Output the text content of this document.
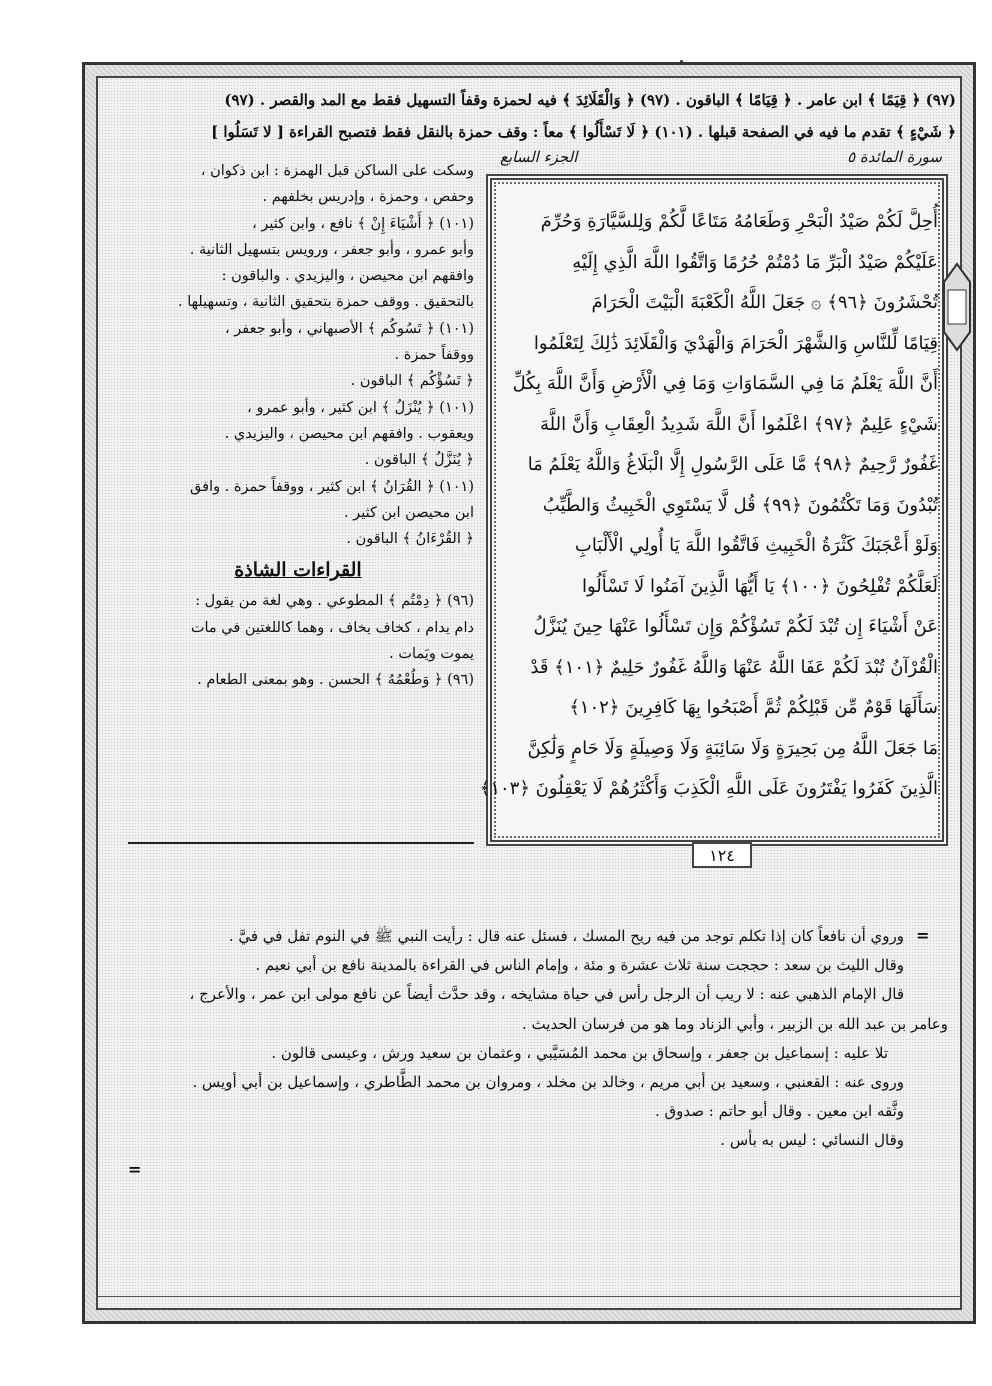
(٩٧) ﴿ قِيَمًا ﴾ ابن عامر . ﴿ قِيَامًا ﴾ الباقون . (٩٧) ﴿ وَالْقَلَائِدَ ﴾ فيه لحمزة وقفاً التسهيل فقط مع المد والقصر . (٩٧)
﴿ شَيْءٍ ﴾ تقدم ما فيه في الصفحة قبلها . (١٠١) ﴿ لَا تَسْأَلُوا ﴾ معاً : وقف حمزة بالنقل فقط فتصبح القراءة [ لا تَسَلُوا ]
الجزء السابع	سورة المائدة ٥
أُحِلَّ لَكُمْ صَيْدُ الْبَحْرِ وَطَعَامُهُ مَتَاعًا لَّكُمْ وَلِلسَّيَّارَةِ وَحُرِّمَ
عَلَيْكُمْ صَيْدُ الْبَرِّ مَا دُمْتُمْ حُرُمًا وَاتَّقُوا اللَّهَ الَّذِي إِلَيْهِ
تُحْشَرُونَ ﴿٩٦﴾ ۞ جَعَلَ اللَّهُ الْكَعْبَةَ الْبَيْتَ الْحَرَامَ
قِيَامًا لِّلنَّاسِ وَالشَّهْرَ الْحَرَامَ وَالْهَدْيَ وَالْقَلَائِدَ ذَٰلِكَ لِتَعْلَمُوا
أَنَّ اللَّهَ يَعْلَمُ مَا فِي السَّمَاوَاتِ وَمَا فِي الْأَرْضِ وَأَنَّ اللَّهَ بِكُلِّ
شَيْءٍ عَلِيمٌ ﴿٩٧﴾ اعْلَمُوا أَنَّ اللَّهَ شَدِيدُ الْعِقَابِ وَأَنَّ اللَّهَ
غَفُورٌ رَّحِيمٌ ﴿٩٨﴾ مَّا عَلَى الرَّسُولِ إِلَّا الْبَلَاغُ وَاللَّهُ يَعْلَمُ مَا
تُبْدُونَ وَمَا تَكْتُمُونَ ﴿٩٩﴾ قُل لَّا يَسْتَوِي الْخَبِيثُ وَالطَّيِّبُ
وَلَوْ أَعْجَبَكَ كَثْرَةُ الْخَبِيثِ فَاتَّقُوا اللَّهَ يَا أُولِي الْأَلْبَابِ
لَعَلَّكُمْ تُفْلِحُونَ ﴿١٠٠﴾ يَا أَيُّهَا الَّذِينَ آمَنُوا لَا تَسْأَلُوا
عَنْ أَشْيَاءَ إِن تُبْدَ لَكُمْ تَسُؤْكُمْ وَإِن تَسْأَلُوا عَنْهَا حِينَ يُنَزَّلُ
الْقُرْآنُ تُبْدَ لَكُمْ عَفَا اللَّهُ عَنْهَا وَاللَّهُ غَفُورٌ حَلِيمٌ ﴿١٠١﴾ قَدْ
سَأَلَهَا قَوْمٌ مِّن قَبْلِكُمْ ثُمَّ أَصْبَحُوا بِهَا كَافِرِينَ ﴿١٠٢﴾
مَا جَعَلَ اللَّهُ مِن بَحِيرَةٍ وَلَا سَائِبَةٍ وَلَا وَصِيلَةٍ وَلَا حَامٍ وَلَٰكِنَّ
الَّذِينَ كَفَرُوا يَفْتَرُونَ عَلَى اللَّهِ الْكَذِبَ وَأَكْثَرُهُمْ لَا يَعْقِلُونَ ﴿١٠٣﴾
١٢٤
وسكت على الساكن قبل الهمزة : ابن ذكوان ،
وحفص ، وحمزة ، وإدريس بخلفهم .
(١٠١) ﴿ أَشْيَاءَ إِنْ ﴾ نافع ، وابن كثير ،
وأبو عمرو ، وأبو جعفر ، ورويس بتسهيل الثانية .
وافقهم ابن محيصن ، واليزيدي . والباقون :
بالتحقيق . ووقف حمزة بتحقيق الثانية ، وتسهيلها .
(١٠١) ﴿ تَسُوكُم ﴾ الأصبهاني ، وأبو جعفر ،
ووقفاً حمزة .
﴿ تَسُؤْكُم ﴾ الباقون .
(١٠١) ﴿ يُنْزَلُ ﴾ ابن كثير ، وأبو عمرو ،
ويعقوب . وافقهم ابن محيصن ، واليزيدي .
﴿ يُنَزَّلُ ﴾ الباقون .
(١٠١) ﴿ القُرَانُ ﴾ ابن كثير ، ووقفاً حمزة . وافق
ابن محيصن ابن كثير .
﴿ القُرْءَانُ ﴾ الباقون .
القراءات الشاذة
(٩٦) ﴿ دِمْتُم ﴾ المطوعي . وهي لغة من يقول :
دام يدام ، كخاف يخاف ، وهما كاللغتين في مات
يموت ويَمات .
(٩٦) ﴿ وَطُعْمُهُ ﴾ الحسن . وهو بمعنى الطعام .
=
وروي أن نافعاً كان إذا تكلم توجد من فيه ريح المسك ، فسئل عنه قال : رأيت النبي ﷺ في النوم تفل في فيَّ .
وقال الليث بن سعد : حججت سنة ثلاث عشرة و مئة ، وإمام الناس في القراءة بالمدينة نافع بن أبي نعيم .
قال الإمام الذهبي عنه : لا ريب أن الرجل رأس في حياة مشايخه ، وقد حدَّث أيضاً عن نافع مولى ابن عمر ، والأعرج ،
وعامر بن عبد الله بن الزبير ، وأبي الزناد وما هو من فرسان الحديث .
تلا عليه : إسماعيل بن جعفر ، وإسحاق بن محمد المُسَيَّبي ، وعثمان بن سعيد ورش ، وعيسى قالون .
وروى عنه : القعنبي ، وسعيد بن أبي مريم ، وخالد بن مخلد ، ومروان بن محمد الطَّاطري ، وإسماعيل بن أبي أويس .
وثَّقه ابن معين . وقال أبو حاتم : صدوق .
وقال النسائي : ليس به بأس .
=
